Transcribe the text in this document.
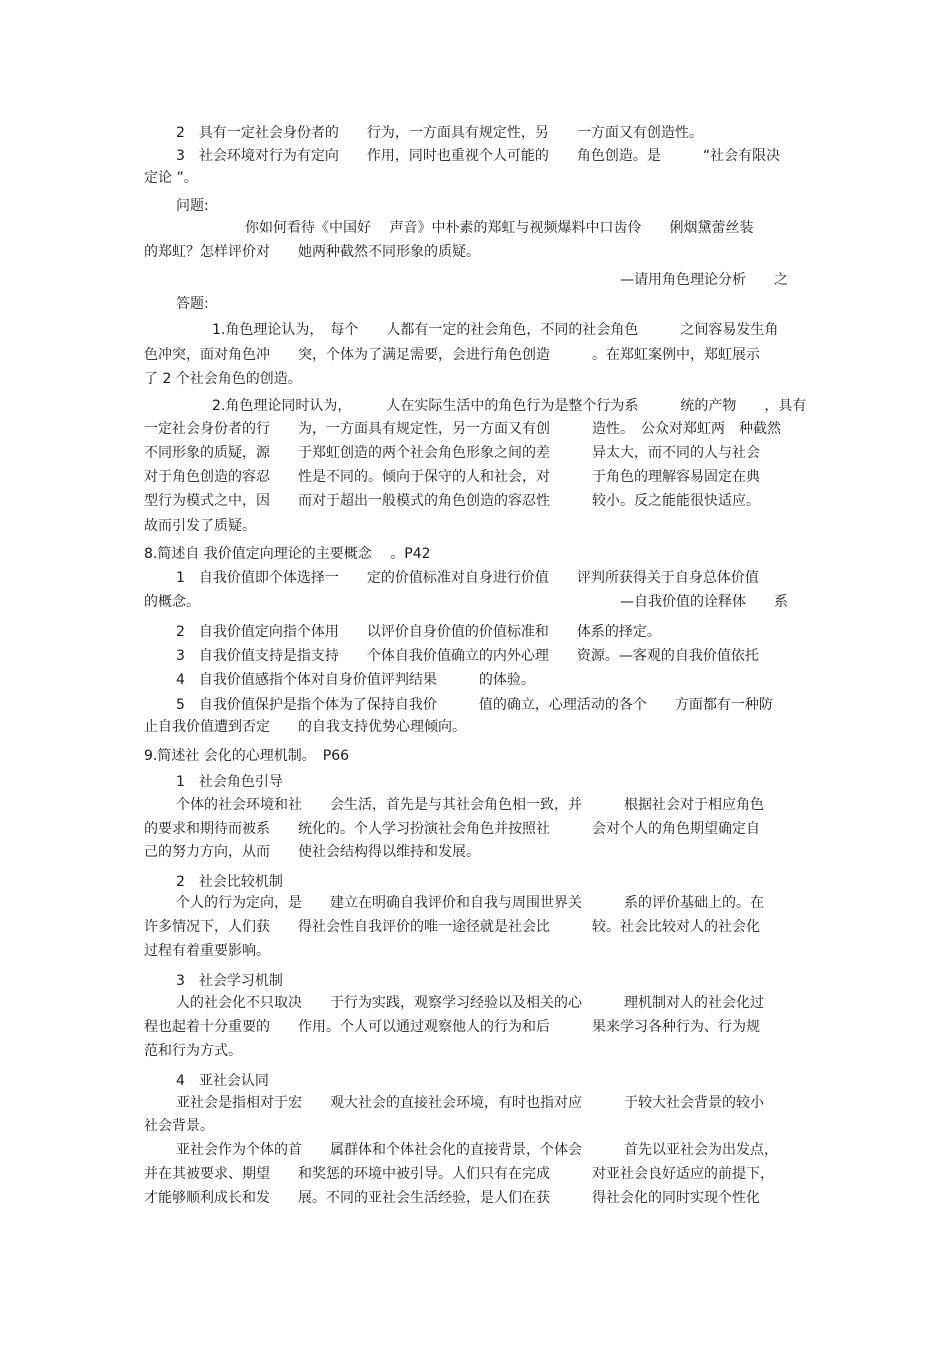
2　具有一定社会身份者的　　行为，一方面具有规定性，另　　一方面又有创造性。
3　社会环境对行为有定向　　作用，同时也重视个人可能的　　角色创造。是　　　“社会有限决
定论 ”。
问题:
你如何看待《中国好　 声音》中朴素的郑虹与视频爆料中口齿伶　　俐烟黛蕾丝装
的郑虹？怎样评价对　　她两种截然不同形象的质疑。
—请用角色理论分析　　之
答题:
1.角色理论认为，　每个　　人都有一定的社会角色，不同的社会角色　　　之间容易发生角
色冲突，面对角色冲　　突，个体为了满足需要，会进行角色创造　　　。在郑虹案例中，郑虹展示
了 2 个社会角色的创造。
2.角色理论同时认为，　　　人在实际生活中的角色行为是整个行为系　　　统的产物　　，具有
一定社会身份者的行　　为，一方面具有规定性，另一方面又有创　　　造性。　公众对郑虹两　种截然
不同形象的质疑，源　　于郑虹创造的两个社会角色形象之间的差　　　异太大，而不同的人与社会
对于角色创造的容忍　　性是不同的。倾向于保守的人和社会，对　　　于角色的理解容易固定在典
型行为模式之中，因　　而对于超出一般模式的角色创造的容忍性　　　较小。反之能能很快适应。
故而引发了质疑。
8.简述自 我价值定向理论的主要概念　 。P42
1　自我价值即个体选择一　　定的价值标准对自身进行价值　　评判所获得关于自身总体价值
的概念。	—自我价值的诠释体　　系
2　自我价值定向指个体用　　以评价自身价值的价值标准和　　体系的择定。
3　自我价值支持是指支持　　个体自我价值确立的内外心理　　资源。—客观的自我价值依托
4　自我价值感指个体对自身价值评判结果　　　的体验。
5　自我价值保护是指个体为了保持自我价　　　值的确立，心理活动的各个　　方面都有一种防
止自我价值遭到否定　　的自我支持优势心理倾向。
9.简述社 会化的心理机制。　P66
1　社会角色引导
个体的社会环境和社　　会生活，首先是与其社会角色相一致，并　　　根据社会对于相应角色
的要求和期待而被系　　统化的。个人学习扮演社会角色并按照社　　　会对个人的角色期望确定自
己的努力方向，从而　　使社会结构得以维持和发展。
2　社会比较机制
个人的行为定向，是　　建立在明确自我评价和自我与周围世界关　　　系的评价基础上的。在
许多情况下，人们获　　得社会性自我评价的唯一途径就是社会比　　　较。社会比较对人的社会化
过程有着重要影响。
3　社会学习机制
人的社会化不只取决　　于行为实践，观察学习经验以及相关的心　　　理机制对人的社会化过
程也起着十分重要的　　作用。个人可以通过观察他人的行为和后　　　果来学习各种行为、行为规
范和行为方式。
4　亚社会认同
亚社会是指相对于宏　　观大社会的直接社会环境，有时也指对应　　　于较大社会背景的较小
社会背景。
亚社会作为个体的首　　属群体和个体社会化的直接背景，个体会　　　首先以亚社会为出发点，
并在其被要求、期望　　和奖惩的环境中被引导。人们只有在完成　　　对亚社会良好适应的前提下，
才能够顺利成长和发　　展。不同的亚社会生活经验，是人们在获　　　得社会化的同时实现个性化
